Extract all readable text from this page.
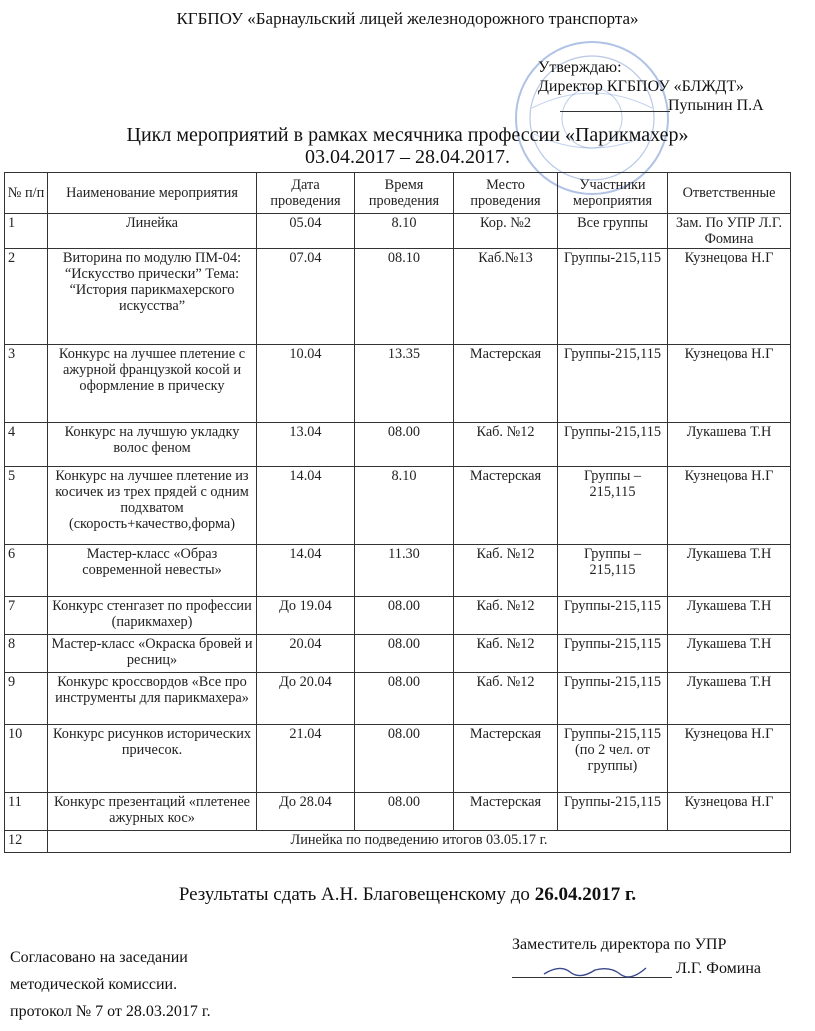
КГБПОУ «Барнаульский лицей железнодорожного транспорта»
Утверждаю:
Директор КГБПОУ «БЛЖДТ»
Пупынин П.А
Цикл мероприятий в рамках месячника профессии «Парикмахер»
03.04.2017 – 28.04.2017.
№ п/п	Наименование мероприятия	Дата проведения	Время проведения	Место проведения	Участники мероприятия	Ответственные
1	Линейка	05.04	8.10	Кор. №2	Все группы	Зам. По УПР Л.Г. Фомина
2	Виторина по модулю ПМ-04: “Искусство прически” Тема: “История парикмахерского искусства”	07.04	08.10	Каб.№13	Группы-215,115	Кузнецова Н.Г
3	Конкурс на лучшее плетение с ажурной французкой косой и оформление в прическу	10.04	13.35	Мастерская	Группы-215,115	Кузнецова Н.Г
4	Конкурс на лучшую укладку волос феном	13.04	08.00	Каб. №12	Группы-215,115	Лукашева Т.Н
5	Конкурс на лучшее плетение из косичек из трех прядей с одним подхватом (скорость+качество,форма)	14.04	8.10	Мастерская	Группы – 215,115	Кузнецова Н.Г
6	Мастер-класс «Образ современной невесты»	14.04	11.30	Каб. №12	Группы – 215,115	Лукашева Т.Н
7	Конкурс стенгазет по профессии (парикмахер)	До 19.04	08.00	Каб. №12	Группы-215,115	Лукашева Т.Н
8	Мастер-класс «Окраска бровей и ресниц»	20.04	08.00	Каб. №12	Группы-215,115	Лукашева Т.Н
9	Конкурс кроссвордов «Все про инструменты для парикмахера»	До 20.04	08.00	Каб. №12	Группы-215,115	Лукашева Т.Н
10	Конкурс рисунков исторических причесок.	21.04	08.00	Мастерская	Группы-215,115 (по 2 чел. от группы)	Кузнецова Н.Г
11	Конкурс презентаций «плетенее ажурных кос»	До 28.04	08.00	Мастерская	Группы-215,115	Кузнецова Н.Г
12	Линейка по подведению итогов 03.05.17 г.					
Результаты сдать А.Н. Благовещенскому до 26.04.2017 г.
Согласовано на заседании
методической комиссии.
протокол № 7 от 28.03.2017 г.
Заместитель директора по УПР
Л.Г. Фомина
